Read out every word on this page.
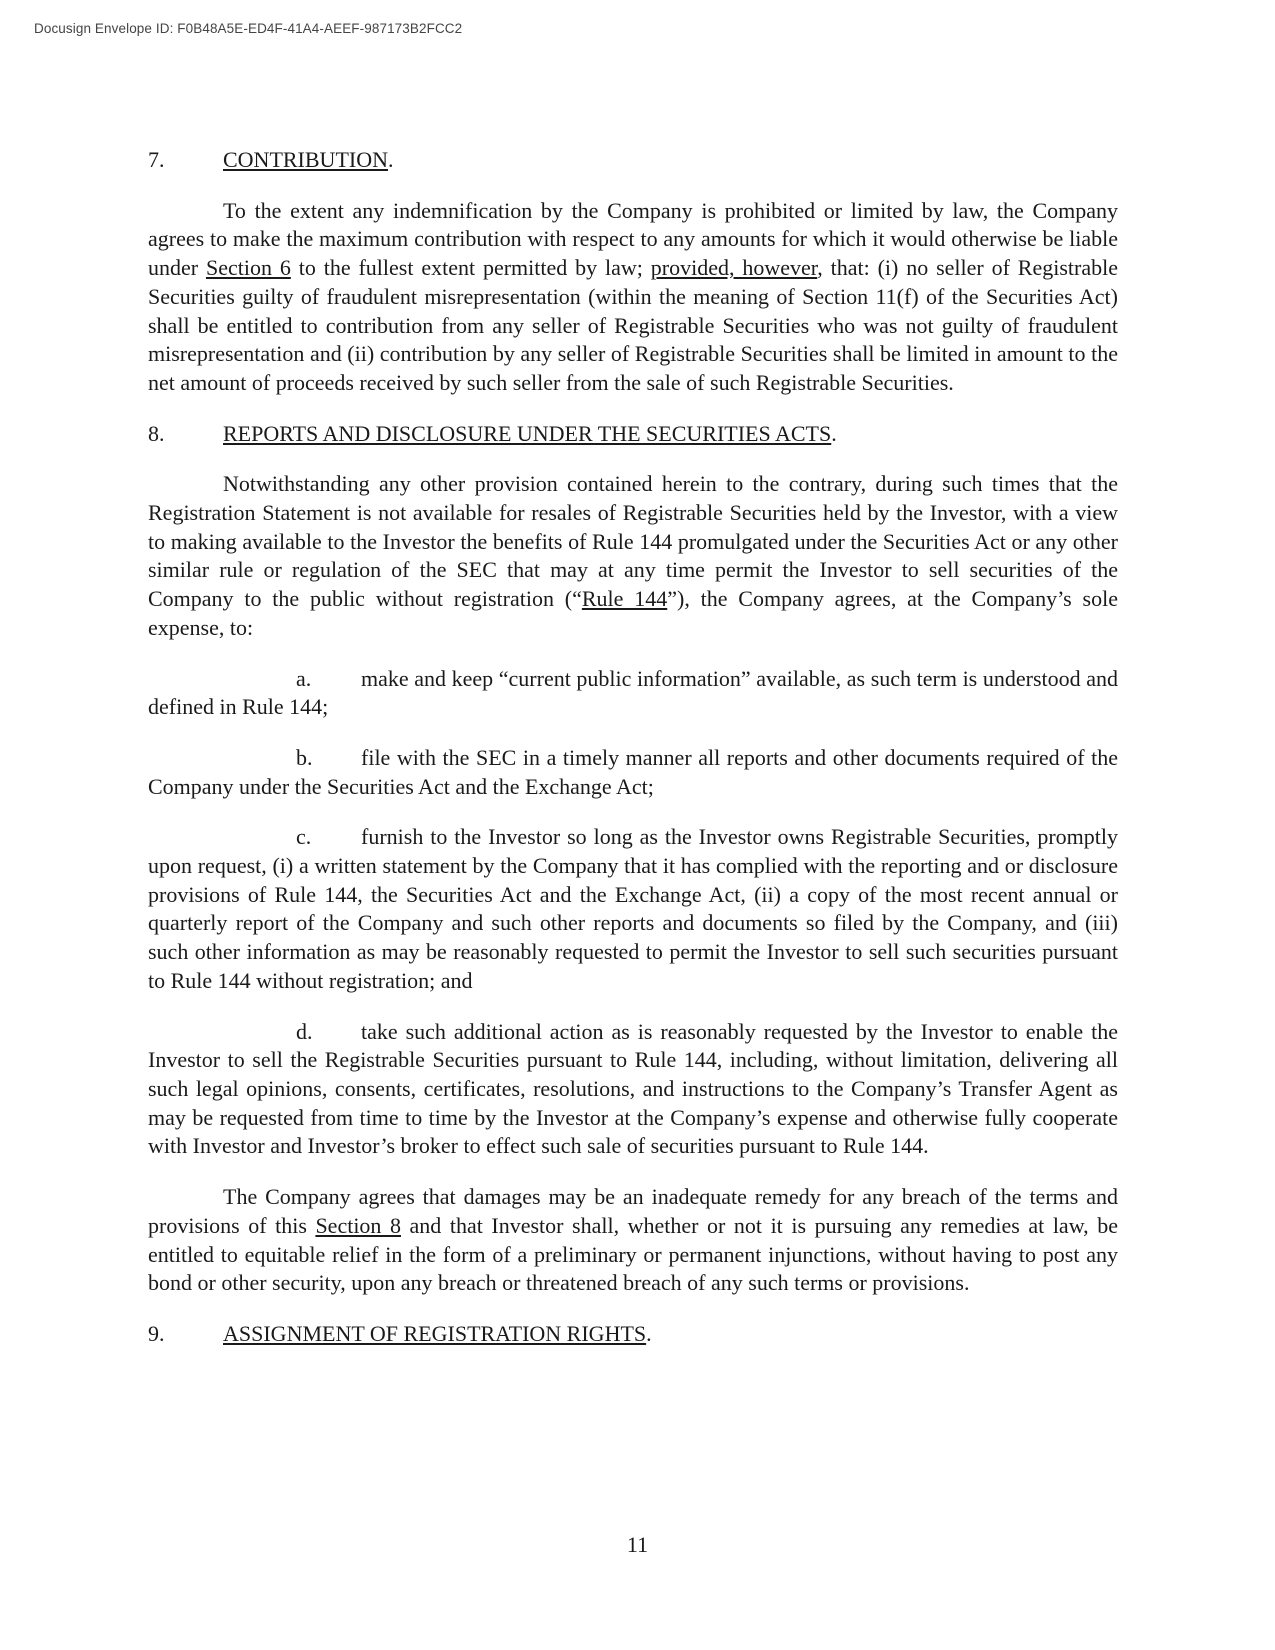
Docusign Envelope ID: F0B48A5E-ED4F-41A4-AEEF-987173B2FCC2
7.	CONTRIBUTION.

To the extent any indemnification by the Company is prohibited or limited by law, the Company agrees to make the maximum contribution with respect to any amounts for which it would otherwise be liable under Section 6 to the fullest extent permitted by law; provided, however, that: (i) no seller of Registrable Securities guilty of fraudulent misrepresentation (within the meaning of Section 11(f) of the Securities Act) shall be entitled to contribution from any seller of Registrable Securities who was not guilty of fraudulent misrepresentation and (ii) contribution by any seller of Registrable Securities shall be limited in amount to the net amount of proceeds received by such seller from the sale of such Registrable Securities.

8.	REPORTS AND DISCLOSURE UNDER THE SECURITIES ACTS.

Notwithstanding any other provision contained herein to the contrary, during such times that the Registration Statement is not available for resales of Registrable Securities held by the Investor, with a view to making available to the Investor the benefits of Rule 144 promulgated under the Securities Act or any other similar rule or regulation of the SEC that may at any time permit the Investor to sell securities of the Company to the public without registration (“Rule 144”), the Company agrees, at the Company’s sole expense, to:

a. make and keep “current public information” available, as such term is understood and defined in Rule 144;

b. file with the SEC in a timely manner all reports and other documents required of the Company under the Securities Act and the Exchange Act;

c. furnish to the Investor so long as the Investor owns Registrable Securities, promptly upon request, (i) a written statement by the Company that it has complied with the reporting and or disclosure provisions of Rule 144, the Securities Act and the Exchange Act, (ii) a copy of the most recent annual or quarterly report of the Company and such other reports and documents so filed by the Company, and (iii) such other information as may be reasonably requested to permit the Investor to sell such securities pursuant to Rule 144 without registration; and

d. take such additional action as is reasonably requested by the Investor to enable the Investor to sell the Registrable Securities pursuant to Rule 144, including, without limitation, delivering all such legal opinions, consents, certificates, resolutions, and instructions to the Company’s Transfer Agent as may be requested from time to time by the Investor at the Company’s expense and otherwise fully cooperate with Investor and Investor’s broker to effect such sale of securities pursuant to Rule 144.

The Company agrees that damages may be an inadequate remedy for any breach of the terms and provisions of this Section 8 and that Investor shall, whether or not it is pursuing any remedies at law, be entitled to equitable relief in the form of a preliminary or permanent injunctions, without having to post any bond or other security, upon any breach or threatened breach of any such terms or provisions.

9.	ASSIGNMENT OF REGISTRATION RIGHTS.
11
